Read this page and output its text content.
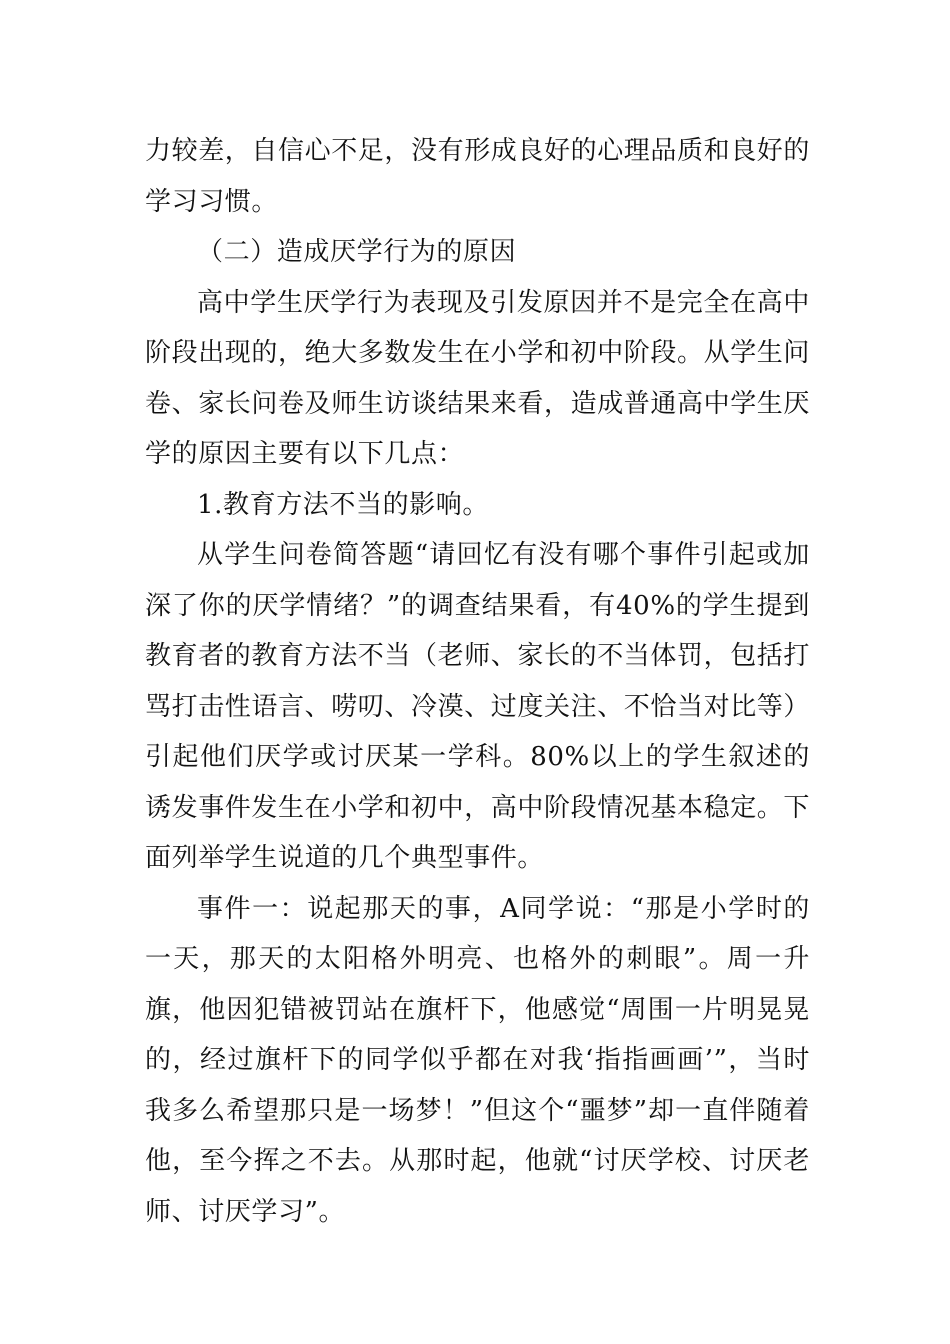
力较差，自信心不足，没有形成良好的心理品质和良好的学习习惯。

（二）造成厌学行为的原因

高中学生厌学行为表现及引发原因并不是完全在高中阶段出现的，绝大多数发生在小学和初中阶段。从学生问卷、家长问卷及师生访谈结果来看，造成普通高中学生厌学的原因主要有以下几点：

1.教育方法不当的影响。

从学生问卷简答题“请回忆有没有哪个事件引起或加深了你的厌学情绪？”的调查结果看，有40%的学生提到教育者的教育方法不当（老师、家长的不当体罚，包括打骂打击性语言、唠叨、冷漠、过度关注、不恰当对比等）引起他们厌学或讨厌某一学科。80%以上的学生叙述的诱发事件发生在小学和初中，高中阶段情况基本稳定。下面列举学生说道的几个典型事件。

事件一：说起那天的事，A同学说：“那是小学时的一天，那天的太阳格外明亮、也格外的刺眼”。周一升旗，他因犯错被罚站在旗杆下，他感觉“周围一片明晃晃的，经过旗杆下的同学似乎都在对我‘指指画画’”，当时我多么希望那只是一场梦！”但这个“噩梦”却一直伴随着他，至今挥之不去。从那时起，他就“讨厌学校、讨厌老师、讨厌学习”。
